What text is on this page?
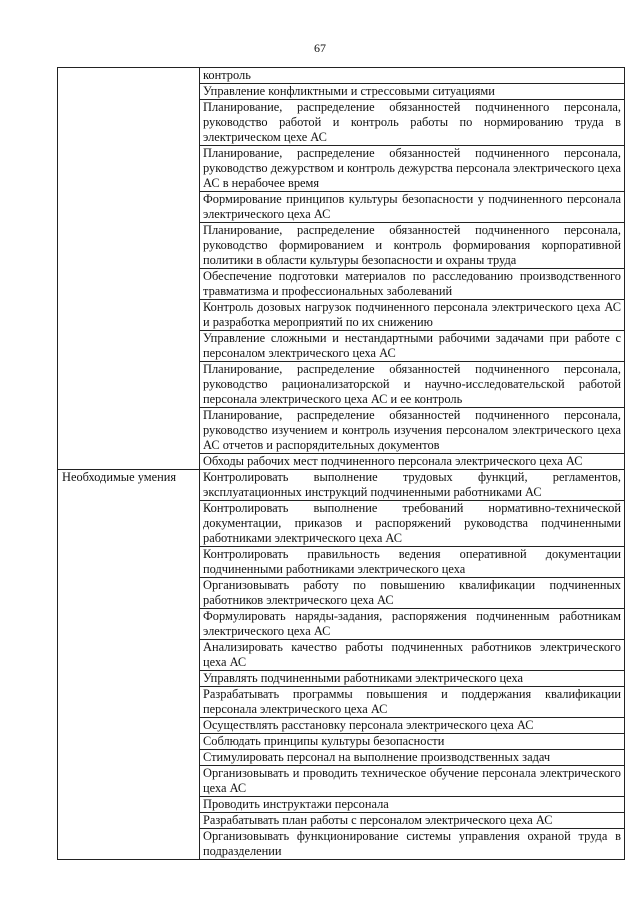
67
	контроль
	Управление конфликтными и стрессовыми ситуациями
	Планирование, распределение обязанностей подчиненного персонала, руководство работой и контроль работы по нормированию труда в электрическом цехе АС
	Планирование, распределение обязанностей подчиненного персонала, руководство дежурством и контроль дежурства персонала электрического цеха АС в нерабочее время
	Формирование принципов культуры безопасности у подчиненного персонала электрического цеха АС
	Планирование, распределение обязанностей подчиненного персонала, руководство формированием и контроль формирования корпоративной политики в области культуры безопасности и охраны труда
	Обеспечение подготовки материалов по расследованию производственного травматизма и профессиональных заболеваний
	Контроль дозовых нагрузок подчиненного персонала электрического цеха АС и разработка мероприятий по их снижению
	Управление сложными и нестандартными рабочими задачами при работе с персоналом электрического цеха АС
	Планирование, распределение обязанностей подчиненного персонала, руководство рационализаторской и научно-исследовательской работой персонала электрического цеха АС и ее контроль
	Планирование, распределение обязанностей подчиненного персонала, руководство изучением и контроль изучения персоналом электрического цеха АС отчетов и распорядительных документов
	Обходы рабочих мест подчиненного персонала электрического цеха АС
Необходимые умения	Контролировать выполнение трудовых функций, регламентов, эксплуатационных инструкций подчиненными работниками АС
	Контролировать выполнение требований нормативно-технической документации, приказов и распоряжений руководства подчиненными работниками электрического цеха АС
	Контролировать правильность ведения оперативной документации подчиненными работниками электрического цеха
	Организовывать работу по повышению квалификации подчиненных работников электрического цеха АС
	Формулировать наряды-задания, распоряжения подчиненным работникам электрического цеха АС
	Анализировать качество работы подчиненных работников электрического цеха АС
	Управлять подчиненными работниками электрического цеха
	Разрабатывать программы повышения и поддержания квалификации персонала электрического цеха АС
	Осуществлять расстановку персонала электрического цеха АС
	Соблюдать принципы культуры безопасности
	Стимулировать персонал на выполнение производственных задач
	Организовывать и проводить техническое обучение персонала электрического цеха АС
	Проводить инструктажи персонала
	Разрабатывать план работы с персоналом электрического цеха АС
	Организовывать функционирование системы управления охраной труда в подразделении
